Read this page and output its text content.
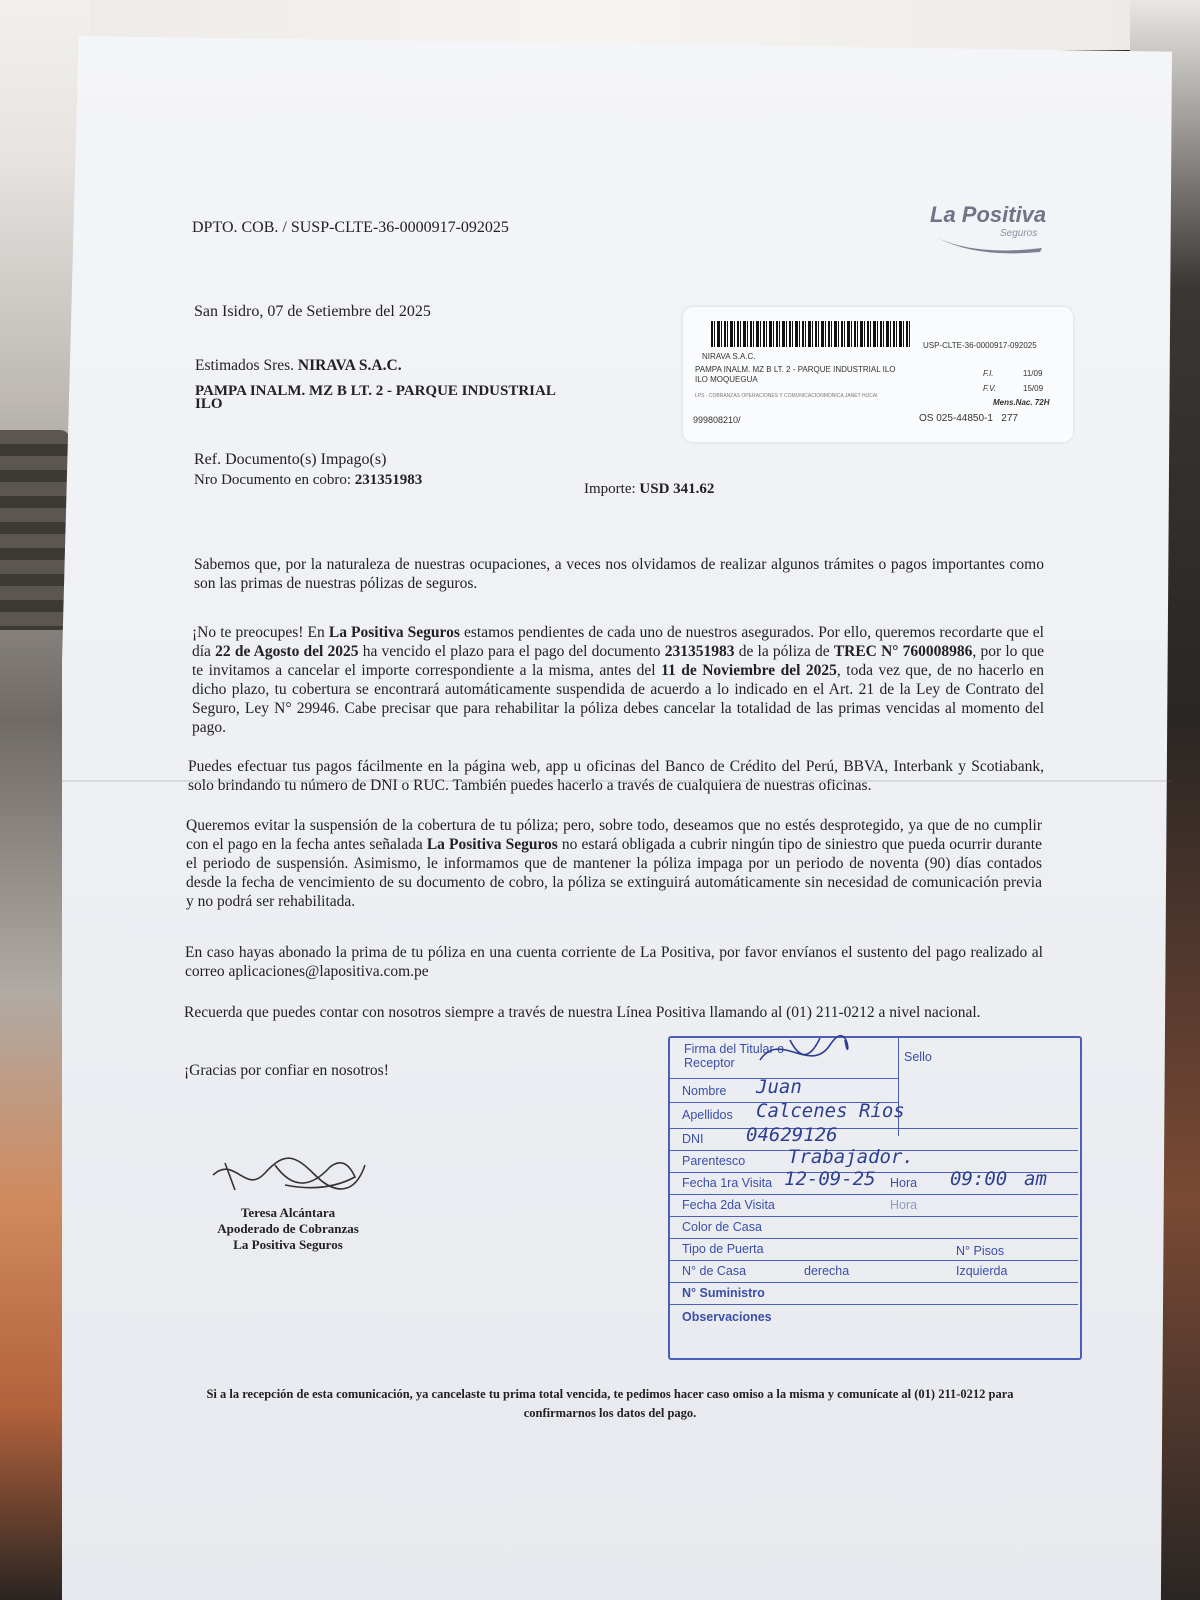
DPTO. COB. / SUSP-CLTE-36-0000917-092025
La Positiva
Seguros
San Isidro, 07 de Setiembre del 2025
Estimados Sres. NIRAVA S.A.C.
PAMPA INALM. MZ B LT. 2 - PARQUE INDUSTRIAL
ILO
Ref. Documento(s) Impago(s)
Nro Documento en cobro: 231351983
Importe: USD 341.62
USP-CLTE-36-0000917-092025
NIRAVA S.A.C.
PAMPA INALM. MZ B LT. 2 - PARQUE INDUSTRIAL ILO
ILO MOQUEGUA
F.I.	11/09
F.V.	15/09
LPS - COBRANZAS OPERACIONES Y COMUNICACIONMONICA JANET HUCAI
Mens.Nac. 72H
999808210/	OS 025-44850-1 277

Sabemos que, por la naturaleza de nuestras ocupaciones, a veces nos olvidamos de realizar algunos trámites o pagos importantes como son las primas de nuestras pólizas de seguros.

¡No te preocupes! En La Positiva Seguros estamos pendientes de cada uno de nuestros asegurados. Por ello, queremos recordarte que el día 22 de Agosto del 2025 ha vencido el plazo para el pago del documento 231351983 de la póliza de TREC N° 760008986, por lo que te invitamos a cancelar el importe correspondiente a la misma, antes del 11 de Noviembre del 2025, toda vez que, de no hacerlo en dicho plazo, tu cobertura se encontrará automáticamente suspendida de acuerdo a lo indicado en el Art. 21 de la Ley de Contrato del Seguro, Ley N° 29946. Cabe precisar que para rehabilitar la póliza debes cancelar la totalidad de las primas vencidas al momento del pago.

Puedes efectuar tus pagos fácilmente en la página web, app u oficinas del Banco de Crédito del Perú, BBVA, Interbank y Scotiabank, solo brindando tu número de DNI o RUC. También puedes hacerlo a través de cualquiera de nuestras oficinas.

Queremos evitar la suspensión de la cobertura de tu póliza; pero, sobre todo, deseamos que no estés desprotegido, ya que de no cumplir con el pago en la fecha antes señalada La Positiva Seguros no estará obligada a cubrir ningún tipo de siniestro que pueda ocurrir durante el periodo de suspensión. Asimismo, le informamos que de mantener la póliza impaga por un periodo de noventa (90) días contados desde la fecha de vencimiento de su documento de cobro, la póliza se extinguirá automáticamente sin necesidad de comunicación previa y no podrá ser rehabilitada.

En caso hayas abonado la prima de tu póliza en una cuenta corriente de La Positiva, por favor envíanos el sustento del pago realizado al correo aplicaciones@lapositiva.com.pe

Recuerda que puedes contar con nosotros siempre a través de nuestra Línea Positiva llamando al (01) 211-0212 a nivel nacional.

¡Gracias por confiar en nosotros!
Teresa Alcántara
Apoderado de Cobranzas
La Positiva Seguros
Firma del Titular o Receptor	Sello
Nombre Juan
Apellidos Calcenes Ríos
DNI 04629126
Parentesco Trabajador.
Fecha 1ra Visita 12-09-25 Hora 09:00 am
Fecha 2da Visita	Hora
Color de Casa
Tipo de Puerta	N° Pisos
N° de Casa	derecha	Izquierda
N° Suministro
Observaciones
Si a la recepción de esta comunicación, ya cancelaste tu prima total vencida, te pedimos hacer caso omiso a la misma y comunícate al (01) 211-0212 para confirmarnos los datos del pago.
